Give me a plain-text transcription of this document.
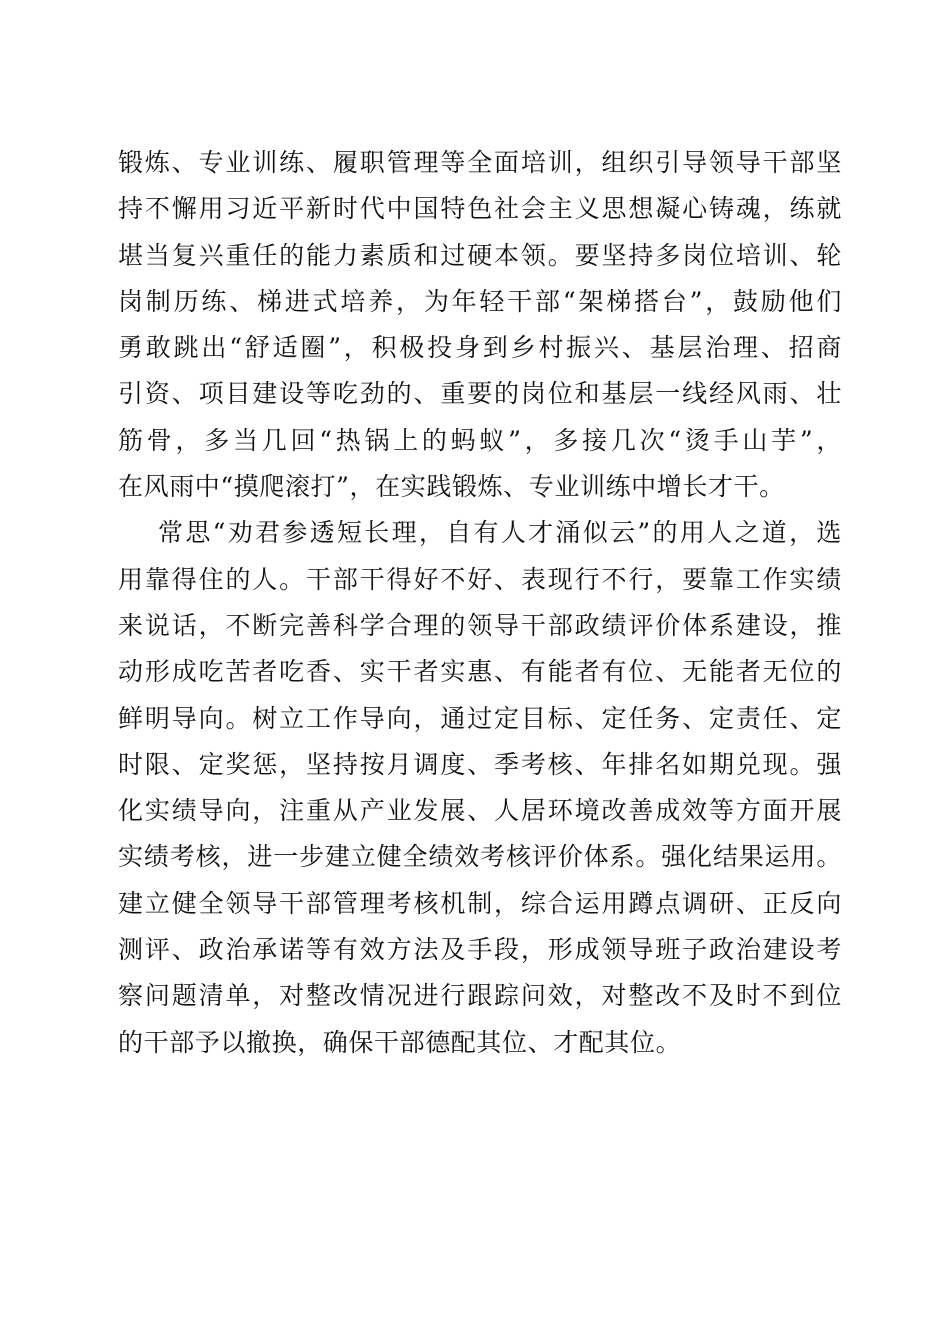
锻炼、专业训练、履职管理等全面培训，组织引导领导干部坚
持不懈用习近平新时代中国特色社会主义思想凝心铸魂，练就
堪当复兴重任的能力素质和过硬本领。要坚持多岗位培训、轮
岗制历练、梯进式培养，为年轻干部“架梯搭台”，鼓励他们
勇敢跳出“舒适圈”，积极投身到乡村振兴、基层治理、招商
引资、项目建设等吃劲的、重要的岗位和基层一线经风雨、壮
筋骨，多当几回“热锅上的蚂蚁”，多接几次“烫手山芋”，
在风雨中“摸爬滚打”，在实践锻炼、专业训练中增长才干。
常思“劝君参透短长理，自有人才涌似云”的用人之道，选
用靠得住的人。干部干得好不好、表现行不行，要靠工作实绩
来说话，不断完善科学合理的领导干部政绩评价体系建设，推
动形成吃苦者吃香、实干者实惠、有能者有位、无能者无位的
鲜明导向。树立工作导向，通过定目标、定任务、定责任、定
时限、定奖惩，坚持按月调度、季考核、年排名如期兑现。强
化实绩导向，注重从产业发展、人居环境改善成效等方面开展
实绩考核，进一步建立健全绩效考核评价体系。强化结果运用。
建立健全领导干部管理考核机制，综合运用蹲点调研、正反向
测评、政治承诺等有效方法及手段，形成领导班子政治建设考
察问题清单，对整改情况进行跟踪问效，对整改不及时不到位
的干部予以撤换，确保干部德配其位、才配其位。
